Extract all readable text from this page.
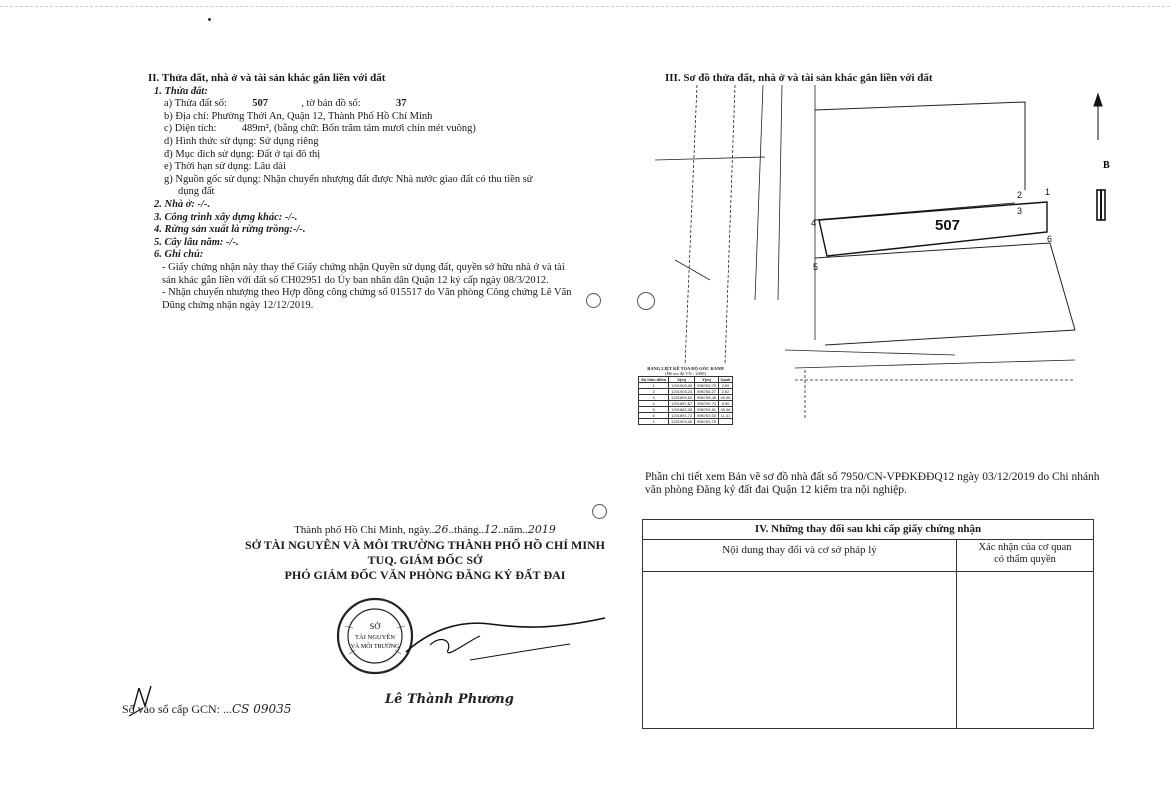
II. Thửa đất, nhà ở và tài sản khác gắn liền với đất
1. Thửa đất:
a) Thửa đất số: 507	, tờ bản đồ số:	37
b) Địa chỉ: Phường Thới An, Quận 12, Thành Phố Hồ Chí Minh
c) Diện tích: 489m², (bằng chữ: Bốn trăm tám mươi chín mét vuông)
d) Hình thức sử dụng: Sử dụng riêng
đ) Mục đích sử dụng: Đất ở tại đô thị
e) Thời hạn sử dụng: Lâu dài
g) Nguồn gốc sử dụng: Nhận chuyển nhượng đất được Nhà nước giao đất có thu tiền sử
dụng đất
2. Nhà ở: -/-.
3. Công trình xây dựng khác: -/-.
4. Rừng sản xuất là rừng trồng:-/-.
5. Cây lâu năm: -/-.
6. Ghi chú:

- Giấy chứng nhận này thay thế Giấy chứng nhận Quyền sử dụng đất, quyền sở hữu nhà ở và tài sản khác gắn liền với đất số CH02951 do Ủy ban nhân dân Quận 12 ký cấp ngày 08/3/2012.

- Nhận chuyển nhượng theo Hợp đồng công chứng số 015517 do Văn phòng Công chứng Lê Văn Dũng chứng nhận ngày 12/12/2019.

Thành phố Hồ Chí Minh, ngày..26..tháng..12..năm..2019
SỞ TÀI NGUYÊN VÀ MÔI TRƯỜNG THÀNH PHỐ HỒ CHÍ MINH
TUQ. GIÁM ĐỐC SỞ
PHÓ GIÁM ĐỐC VĂN PHÒNG ĐĂNG KÝ ĐẤT ĐAI
SỞ
TÀI NGUYÊN
VÀ MÔI TRƯỜNG
Lê Thành Phương
Số vào sổ cấp GCN: ...CS 09035
III. Sơ đồ thửa đất, nhà ở và tài sản khác gắn liền với đất
507
2	1
3
4
5
6
B
BẢNG LIỆT KÊ TỌA ĐỘ GÓC RANH
(Hệ tọa độ VN - 2000)
Số hiệu điểm	X(m)	Y(m)	Cạnh
1	1201903,06	596763,75	2,59
2	1201903,24	596756,27	2,62
3	1201893,62	596758,45	49,06
4	1201887,67	596709,74	8,50
5	1201882,08	596709,51	35,46
6	1201891,72	596763,03	11,41
1	1201903,06	596763,75	
Phần chi tiết xem Bản vẽ sơ đồ nhà đất số 7950/CN-VPĐKĐĐQ12 ngày 03/12/2019 do Chi nhánh văn phòng Đăng ký đất đai Quận 12 kiểm tra nội nghiệp.
IV. Những thay đổi sau khi cấp giấy chứng nhận
Nội dung thay đổi và cơ sở pháp lý	Xác nhận của cơ quan
có thẩm quyền
